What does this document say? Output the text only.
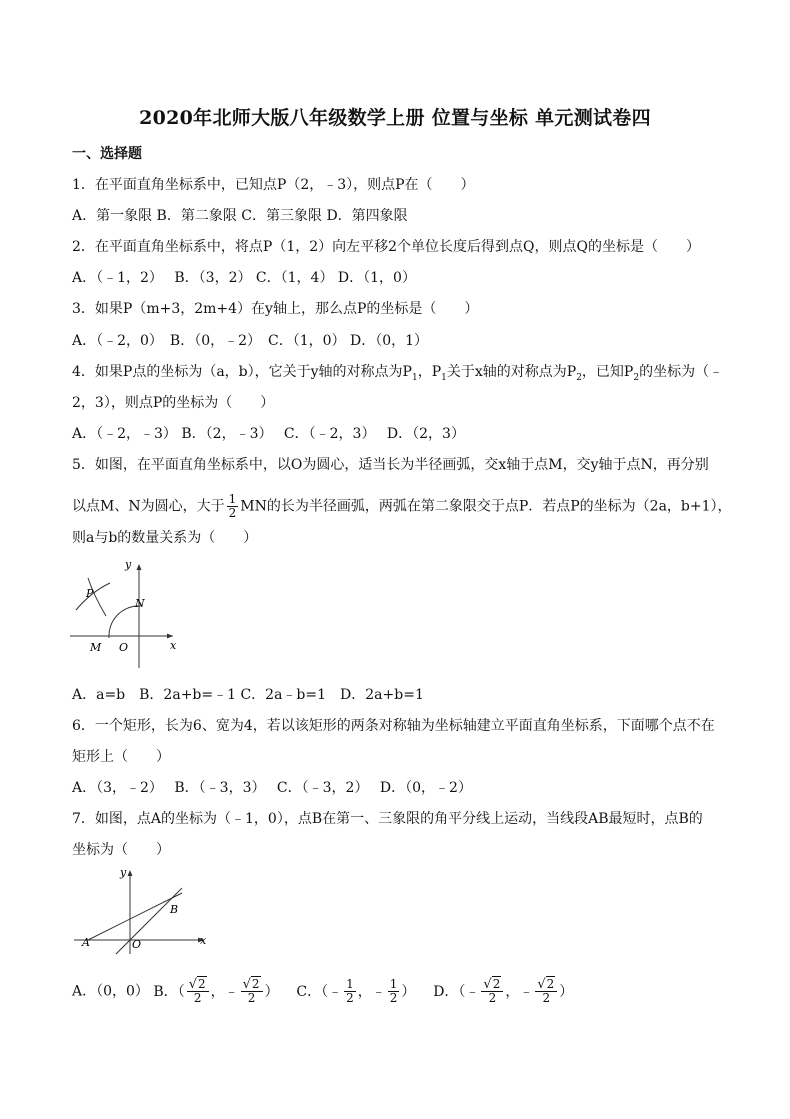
2020年北师大版八年级数学上册 位置与坐标 单元测试卷四
一、选择题
1．在平面直角坐标系中，已知点P（2，﹣3），则点P在（　　）
A．第一象限 B．第二象限 C．第三象限 D．第四象限
2．在平面直角坐标系中，将点P（1，2）向左平移2个单位长度后得到点Q，则点Q的坐标是（　　）
A．（﹣1，2）　 B．（3，2） C．（1，4） D．（1，0）
3．如果P（m+3，2m+4）在y轴上，那么点P的坐标是（　　）
A．（﹣2，0）　B．（0，﹣2）　C．（1，0） D．（0，1）
4．如果P点的坐标为（a，b），它关于y轴的对称点为$P_1$，$P_1$关于x轴的对称点为$P_2$，已知$P_2$的坐标为（﹣
2，3），则点P的坐标为（　　）
A．（﹣2，﹣3） B．（2，﹣3）　 C．（﹣2，3）　 D．（2，3）
5．如图，在平面直角坐标系中，以O为圆心，适当长为半径画弧，交x轴于点M，交y轴于点N，再分别
以点M、N为圆心，大于 $\frac{1}{2}$ MN的长为半径画弧，两弧在第二象限交于点P．若点P的坐标为（2a，b+1），
则a与b的数量关系为（　　）
y
x
P
N
M O
A．a=b　B．2a+b=﹣1 C．2a﹣b=1　D．2a+b=1
6．一个矩形，长为6、宽为4，若以该矩形的两条对称轴为坐标轴建立平面直角坐标系，下面哪个点不在
矩形上（　　）
A．（3，﹣2）　 B．（﹣3，3）　 C．（﹣3，2）　 D．（0，﹣2）
7．如图，点A的坐标为（﹣1，0），点B在第一、三象限的角平分线上运动，当线段AB最短时，点B的
坐标为（　　）
y
x
A
B
O
A．（0，0） B．（ $\frac{√2}{2}$ ，﹣ $\frac{√2}{2}$ ） C．（﹣ $\frac{1}{2}$ ，﹣ $\frac{1}{2}$ ） D．（﹣ $\frac{√2}{2}$ ，﹣ $\frac{√2}{2}$ ）
